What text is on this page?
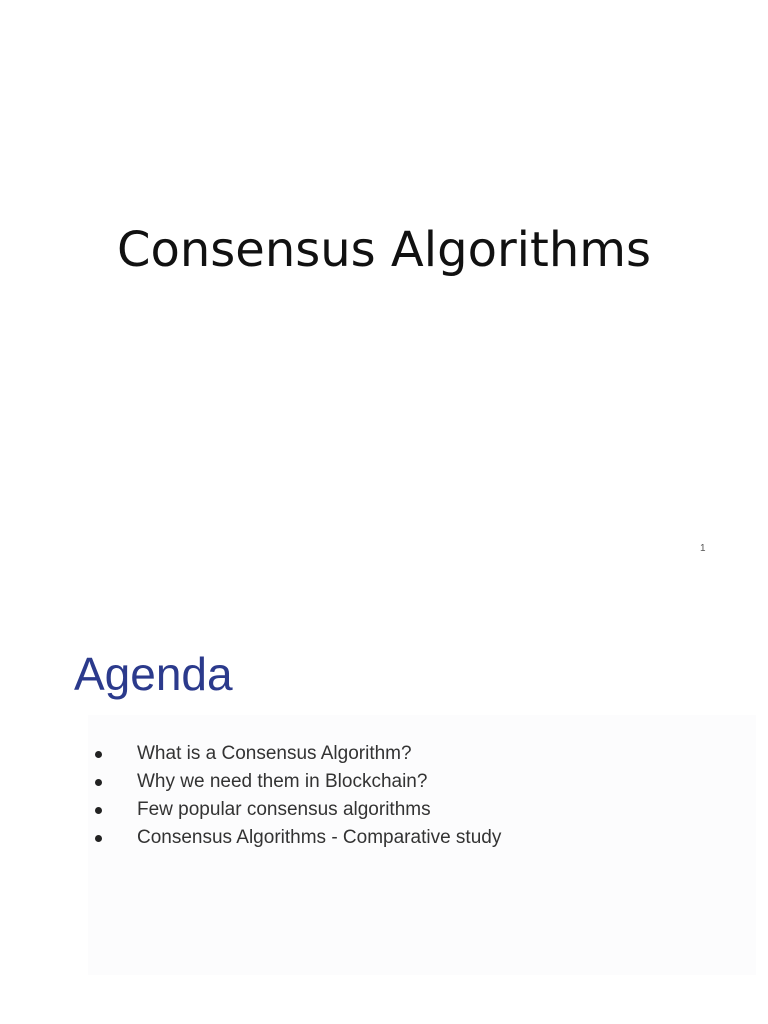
Consensus Algorithms
1
Agenda
What is a Consensus Algorithm?
Why we need them in Blockchain?
Few popular consensus algorithms
Consensus Algorithms - Comparative study
